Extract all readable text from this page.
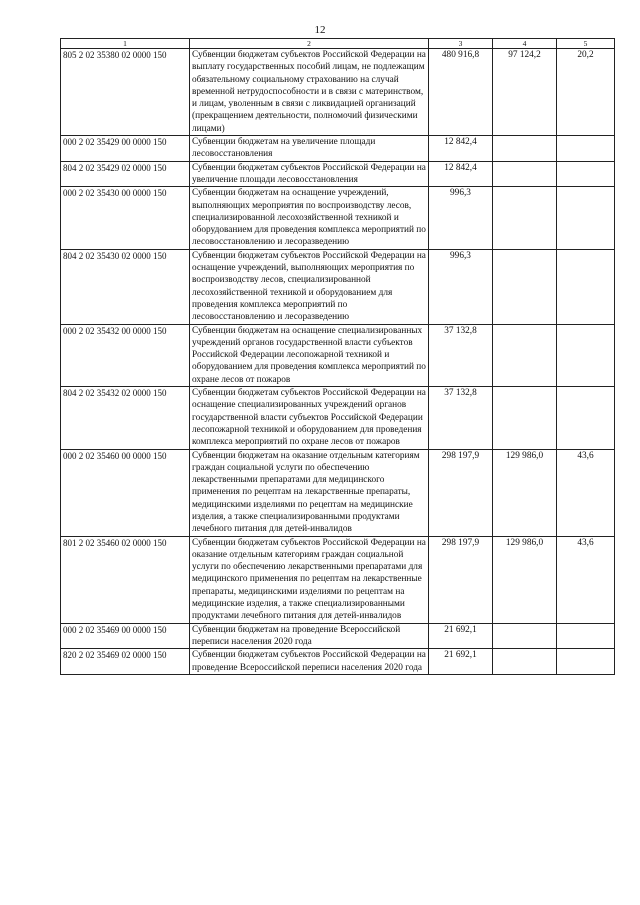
12
1	2	3	4	5
805 2 02 35380 02 0000 150	Субвенции бюджетам субъектов Российской Федерации на выплату государственных пособий лицам, не подлежащим обязательному социальному страхованию на случай временной нетрудоспособности и в связи с материнством, и лицам, уволенным в связи с ликвидацией организаций (прекращением деятельности, полномочий физическими лицами)	480 916,8	97 124,2	20,2
000 2 02 35429 00 0000 150	Субвенции бюджетам на увеличение площади лесовосстановления	12 842,4		
804 2 02 35429 02 0000 150	Субвенции бюджетам субъектов Российской Федерации на увеличение площади лесовосстановления	12 842,4		
000 2 02 35430 00 0000 150	Субвенции бюджетам на оснащение учреждений, выполняющих мероприятия по воспроизводству лесов, специализированной лесохозяйственной техникой и оборудованием для проведения комплекса мероприятий по лесовосстановлению и лесоразведению	996,3		
804 2 02 35430 02 0000 150	Субвенции бюджетам субъектов Российской Федерации на оснащение учреждений, выполняющих мероприятия по воспроизводству лесов, специализированной лесохозяйственной техникой и оборудованием для проведения комплекса мероприятий по лесовосстановлению и лесоразведению	996,3		
000 2 02 35432 00 0000 150	Субвенции бюджетам на оснащение специализированных учреждений органов государственной власти субъектов Российской Федерации лесопожарной техникой и оборудованием для проведения комплекса мероприятий по охране лесов от пожаров	37 132,8		
804 2 02 35432 02 0000 150	Субвенции бюджетам субъектов Российской Федерации на оснащение специализированных учреждений органов государственной власти субъектов Российской Федерации лесопожарной техникой и оборудованием для проведения комплекса мероприятий по охране лесов от пожаров	37 132,8		
000 2 02 35460 00 0000 150	Субвенции бюджетам на оказание отдельным категориям граждан социальной услуги по обеспечению лекарственными препаратами для медицинского применения по рецептам на лекарственные препараты, медицинскими изделиями по рецептам на медицинские изделия, а также специализированными продуктами лечебного питания для детей-инвалидов	298 197,9	129 986,0	43,6
801 2 02 35460 02 0000 150	Субвенции бюджетам субъектов Российской Федерации на оказание отдельным категориям граждан социальной услуги по обеспечению лекарственными препаратами для медицинского применения по рецептам на лекарственные препараты, медицинскими изделиями по рецептам на медицинские изделия, а также специализированными продуктами лечебного питания для детей-инвалидов	298 197,9	129 986,0	43,6
000 2 02 35469 00 0000 150	Субвенции бюджетам на проведение Всероссийской переписи населения 2020 года	21 692,1		
820 2 02 35469 02 0000 150	Субвенции бюджетам субъектов Российской Федерации на проведение Всероссийской переписи населения 2020 года	21 692,1		
